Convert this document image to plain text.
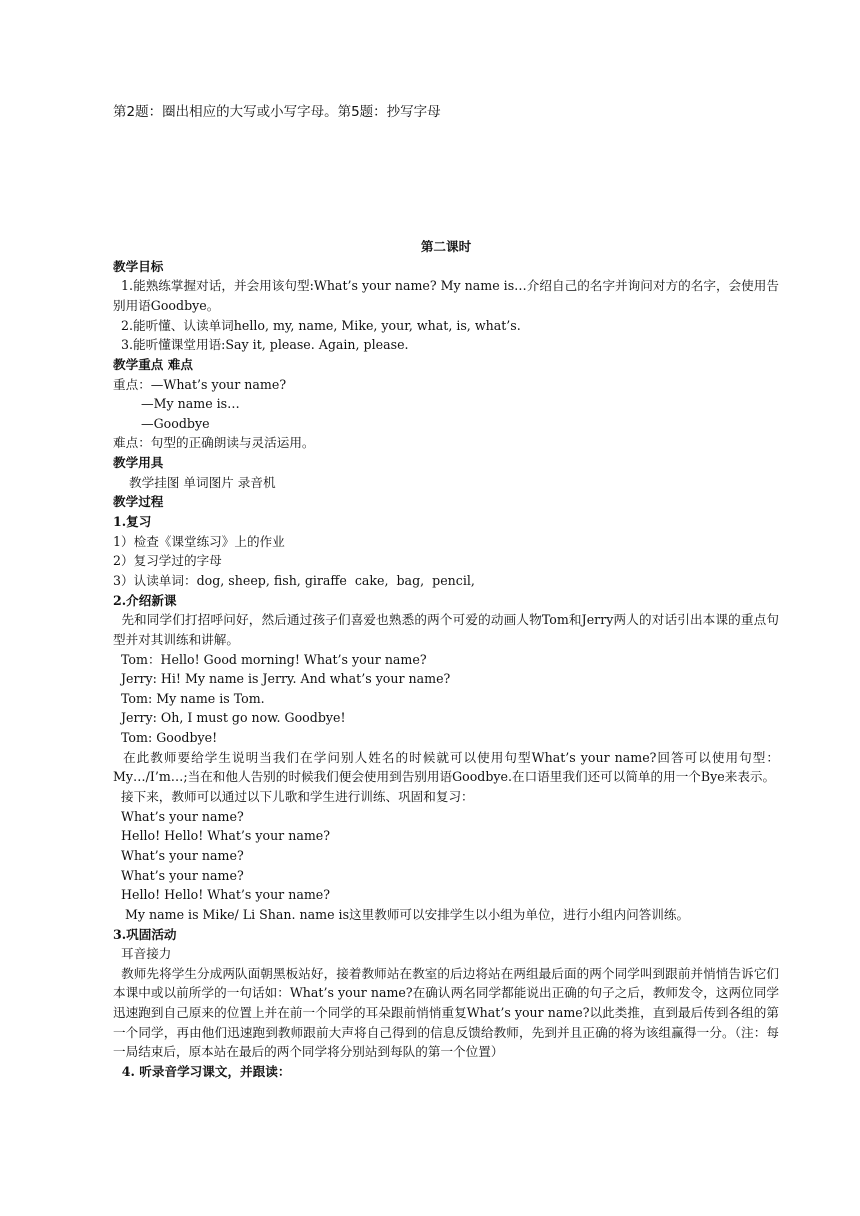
第2题：圈出相应的大写或小写字母。第5题：抄写字母
第二课时
教学目标
1.能熟练掌握对话，并会用该句型:What’s your name? My name is…介绍自己的名字并询问对方的名字，会使用告别用语Goodbye。
2.能听懂、认读单词hello, my, name, Mike, your, what, is, what’s.
3.能听懂课堂用语:Say it, please. Again, please.
教学重点 难点
重点：—What’s your name?
—My name is…
—Goodbye
难点：句型的正确朗读与灵活运用。
教学用具
教学挂图 单词图片 录音机
教学过程
1.复习
1）检查《课堂练习》上的作业
2）复习学过的字母
3）认读单词：dog, sheep, fish, giraffe  cake,  bag,  pencil,
2.介绍新课
先和同学们打招呼问好，然后通过孩子们喜爱也熟悉的两个可爱的动画人物Tom和Jerry两人的对话引出本课的重点句型并对其训练和讲解。
Tom：Hello! Good morning! What’s your name?
Jerry: Hi! My name is Jerry. And what’s your name?
Tom: My name is Tom.
Jerry: Oh, I must go now. Goodbye!
Tom: Goodbye!
在此教师要给学生说明当我们在学问别人姓名的时候就可以使用句型What’s your name?回答可以使用句型：My…/I’m…;当在和他人告别的时候我们便会使用到告别用语Goodbye.在口语里我们还可以简单的用一个Bye来表示。
接下来，教师可以通过以下儿歌和学生进行训练、巩固和复习：
What’s your name?
Hello! Hello! What’s your name?
What’s your name?
What’s your name?
Hello! Hello! What’s your name?
My name is Mike/ Li Shan. name is这里教师可以安排学生以小组为单位，进行小组内问答训练。
3.巩固活动
耳音接力
教师先将学生分成两队面朝黑板站好，接着教师站在教室的后边将站在两组最后面的两个同学叫到跟前并悄悄告诉它们本课中或以前所学的一句话如：What’s your name?在确认两名同学都能说出正确的句子之后，教师发令，这两位同学迅速跑到自己原来的位置上并在前一个同学的耳朵跟前悄悄重复What’s your name?以此类推，直到最后传到各组的第一个同学，再由他们迅速跑到教师跟前大声将自己得到的信息反馈给教师，先到并且正确的将为该组赢得一分。（注：每一局结束后，原本站在最后的两个同学将分别站到每队的第一个位置）
4. 听录音学习课文，并跟读：
